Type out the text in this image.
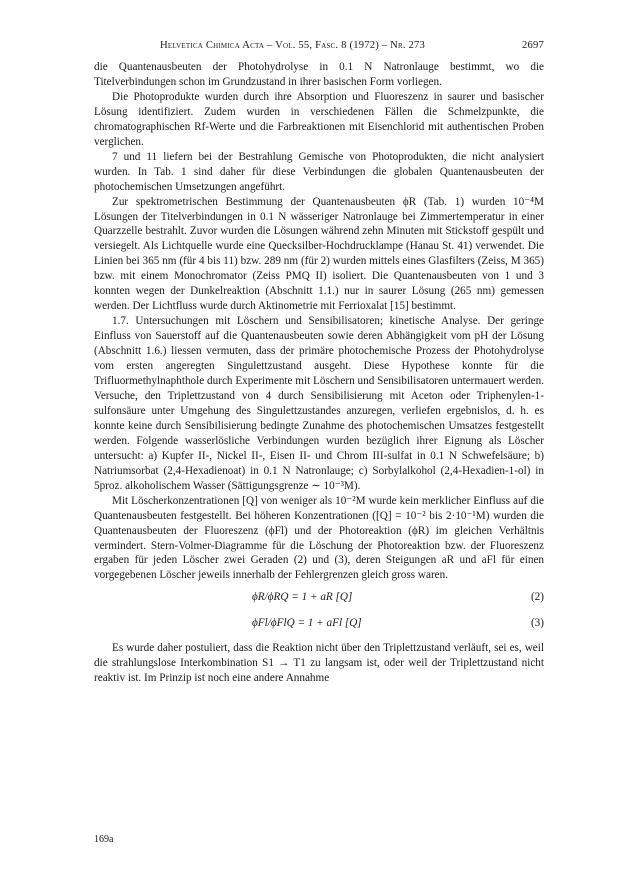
Helvetica Chimica Acta – Vol. 55, Fasc. 8 (1972) – Nr. 273	2697

die Quantenausbeuten der Photohydrolyse in 0.1 N Natronlauge bestimmt, wo die Titelverbindungen schon im Grundzustand in ihrer basischen Form vorliegen.

Die Photoprodukte wurden durch ihre Absorption und Fluoreszenz in saurer und basischer Lösung identifiziert. Zudem wurden in verschiedenen Fällen die Schmelzpunkte, die chromatographischen Rf-Werte und die Farbreaktionen mit Eisenchlorid mit authentischen Proben verglichen.

7 und 11 liefern bei der Bestrahlung Gemische von Photoprodukten, die nicht analysiert wurden. In Tab. 1 sind daher für diese Verbindungen die globalen Quantenausbeuten der photochemischen Umsetzungen angeführt.

Zur spektrometrischen Bestimmung der Quantenausbeuten ϕR (Tab. 1) wurden 10⁻⁴M Lösungen der Titelverbindungen in 0.1 N wässeriger Natronlauge bei Zimmertemperatur in einer Quarzzelle bestrahlt. Zuvor wurden die Lösungen während zehn Minuten mit Stickstoff gespült und versiegelt. Als Lichtquelle wurde eine Quecksilber-Hochdrucklampe (Hanau St. 41) verwendet. Die Linien bei 365 nm (für 4 bis 11) bzw. 289 nm (für 2) wurden mittels eines Glasfilters (Zeiss, M 365) bzw. mit einem Monochromator (Zeiss PMQ II) isoliert. Die Quantenausbeuten von 1 und 3 konnten wegen der Dunkelreaktion (Abschnitt 1.1.) nur in saurer Lösung (265 nm) gemessen werden. Der Lichtfluss wurde durch Aktinometrie mit Ferrioxalat [15] bestimmt.

1.7. Untersuchungen mit Löschern und Sensibilisatoren; kinetische Analyse. Der geringe Einfluss von Sauerstoff auf die Quantenausbeuten sowie deren Abhängigkeit vom pH der Lösung (Abschnitt 1.6.) liessen vermuten, dass der primäre photochemische Prozess der Photohydrolyse vom ersten angeregten Singulettzustand ausgeht. Diese Hypothese konnte für die Trifluormethylnaphthole durch Experimente mit Löschern und Sensibilisatoren untermauert werden. Versuche, den Triplettzustand von 4 durch Sensibilisierung mit Aceton oder Triphenylen-1-sulfonsäure unter Umgehung des Singulettzustandes anzuregen, verliefen ergebnislos, d. h. es konnte keine durch Sensibilisierung bedingte Zunahme des photochemischen Umsatzes festgestellt werden. Folgende wasserlösliche Verbindungen wurden bezüglich ihrer Eignung als Löscher untersucht: a) Kupfer II-, Nickel II-, Eisen II- und Chrom III-sulfat in 0.1 N Schwefelsäure; b) Natriumsorbat (2,4-Hexadienoat) in 0.1 N Natronlauge; c) Sorbylalkohol (2,4-Hexadien-1-ol) in 5proz. alkoholischem Wasser (Sättigungsgrenze ∼ 10⁻³M).

Mit Löscherkonzentrationen [Q] von weniger als 10⁻²M wurde kein merklicher Einfluss auf die Quantenausbeuten festgestellt. Bei höheren Konzentrationen ([Q] = 10⁻² bis 2·10⁻¹M) wurden die Quantenausbeuten der Fluoreszenz (ϕFl) und der Photoreaktion (ϕR) im gleichen Verhältnis vermindert. Stern-Volmer-Diagramme für die Löschung der Photoreaktion bzw. der Fluoreszenz ergaben für jeden Löscher zwei Geraden (2) und (3), deren Steigungen aR und aFl für einen vorgegebenen Löscher jeweils innerhalb der Fehlergrenzen gleich gross waren.

ϕR/ϕRQ = 1 + aR [Q]	(2)
ϕFl/ϕFlQ = 1 + aFl [Q]	(3)

Es wurde daher postuliert, dass die Reaktion nicht über den Triplettzustand verläuft, sei es, weil die strahlungslose Interkombination S1 → T1 zu langsam ist, oder weil der Triplettzustand nicht reaktiv ist. Im Prinzip ist noch eine andere Annahme

169a
